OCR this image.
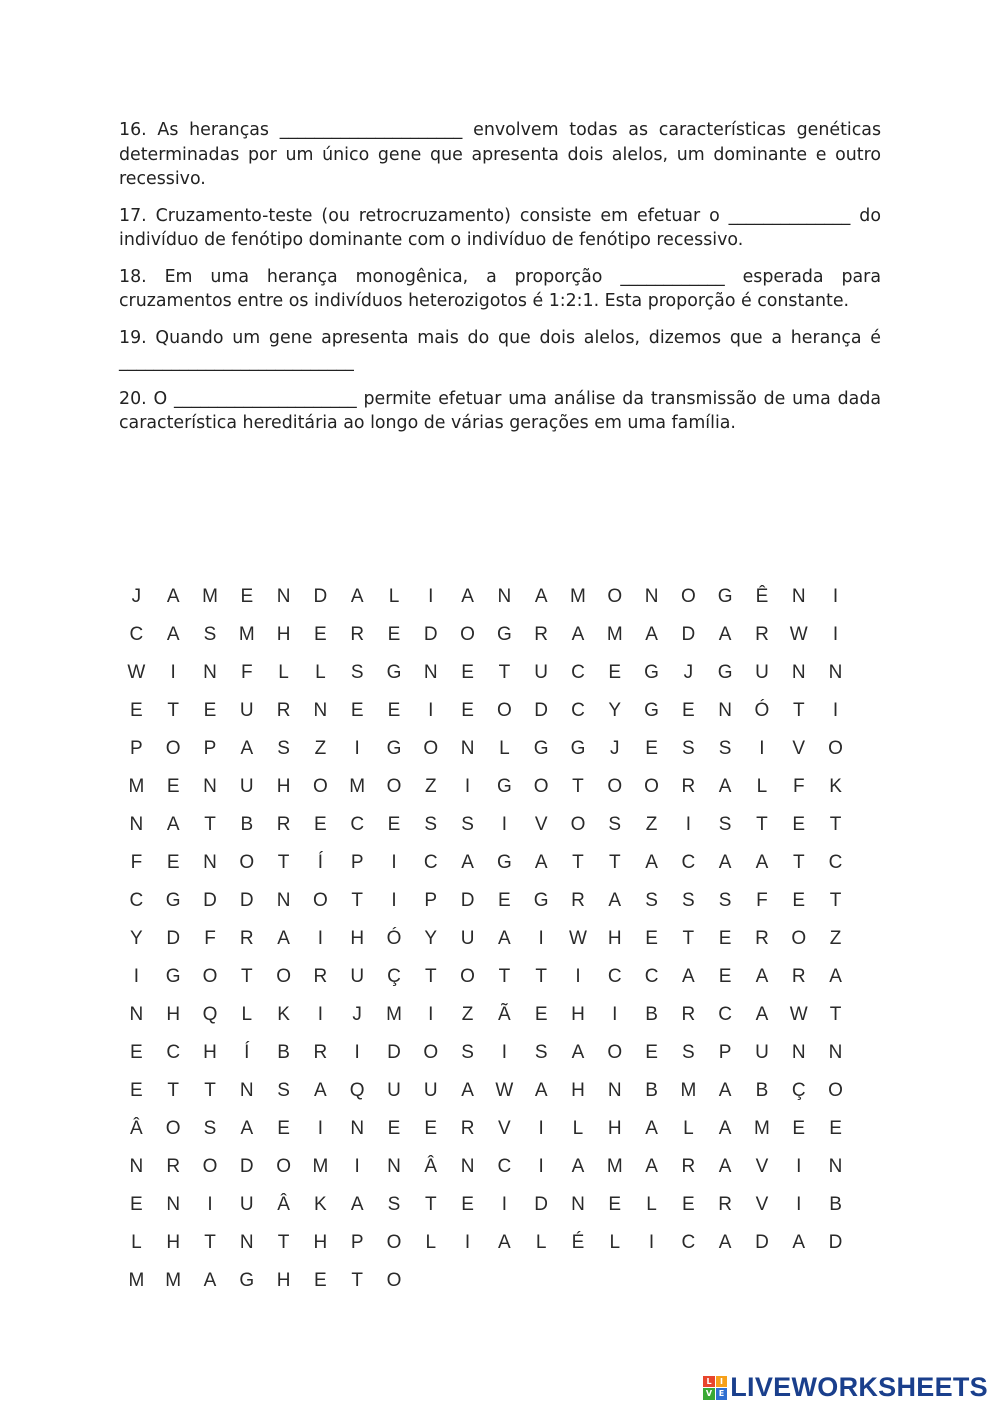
16. As heranças _____________________ envolvem todas as características genéticas determinadas por um único gene que apresenta dois alelos, um dominante e outro recessivo.

17. Cruzamento-teste (ou retrocruzamento) consiste em efetuar o ______________ do indivíduo de fenótipo dominante com o indivíduo de fenótipo recessivo.

18. Em uma herança monogênica, a proporção ____________ esperada para cruzamentos entre os indivíduos heterozigotos é 1:2:1. Esta proporção é constante.

19. Quando um gene apresenta mais do que dois alelos, dizemos que a herança é ___________________________

20. O _____________________ permite efetuar uma análise da transmissão de uma dada característica hereditária ao longo de várias gerações em uma família.

J	A	M	E	N	D	A	L	I	A	N	A	M	O	N	O	G	Ê	N	I
C	A	S	M	H	E	R	E	D	O	G	R	A	M	A	D	A	R	W	I
W	I	N	F	L	L	S	G	N	E	T	U	C	E	G	J	G	U	N	N
E	T	E	U	R	N	E	E	I	E	O	D	C	Y	G	E	N	Ó	T	I
P	O	P	A	S	Z	I	G	O	N	L	G	G	J	E	S	S	I	V	O
M	E	N	U	H	O	M	O	Z	I	G	O	T	O	O	R	A	L	F	K
N	A	T	B	R	E	C	E	S	S	I	V	O	S	Z	I	S	T	E	T
F	E	N	O	T	Í	P	I	C	A	G	A	T	T	A	C	A	A	T	C
C	G	D	D	N	O	T	I	P	D	E	G	R	A	S	S	S	F	E	T
Y	D	F	R	A	I	H	Ó	Y	U	A	I	W	H	E	T	E	R	O	Z
I	G	O	T	O	R	U	Ç	T	O	T	T	I	C	C	A	E	A	R	A
N	H	Q	L	K	I	J	M	I	Z	Ã	E	H	I	B	R	C	A	W	T
E	C	H	Í	B	R	I	D	O	S	I	S	A	O	E	S	P	U	N	N
E	T	T	N	S	A	Q	U	U	A	W	A	H	N	B	M	A	B	Ç	O
Â	O	S	A	E	I	N	E	E	R	V	I	L	H	A	L	A	M	E	E
N	R	O	D	O	M	I	N	Â	N	C	I	A	M	A	R	A	V	I	N
E	N	I	U	Â	K	A	S	T	E	I	D	N	E	L	E	R	V	I	B
L	H	T	N	T	H	P	O	L	I	A	L	É	L	I	C	A	D	A	D
M	M	A	G	H	E	T	O
L	I
V E LIVEWORKSHEETS
